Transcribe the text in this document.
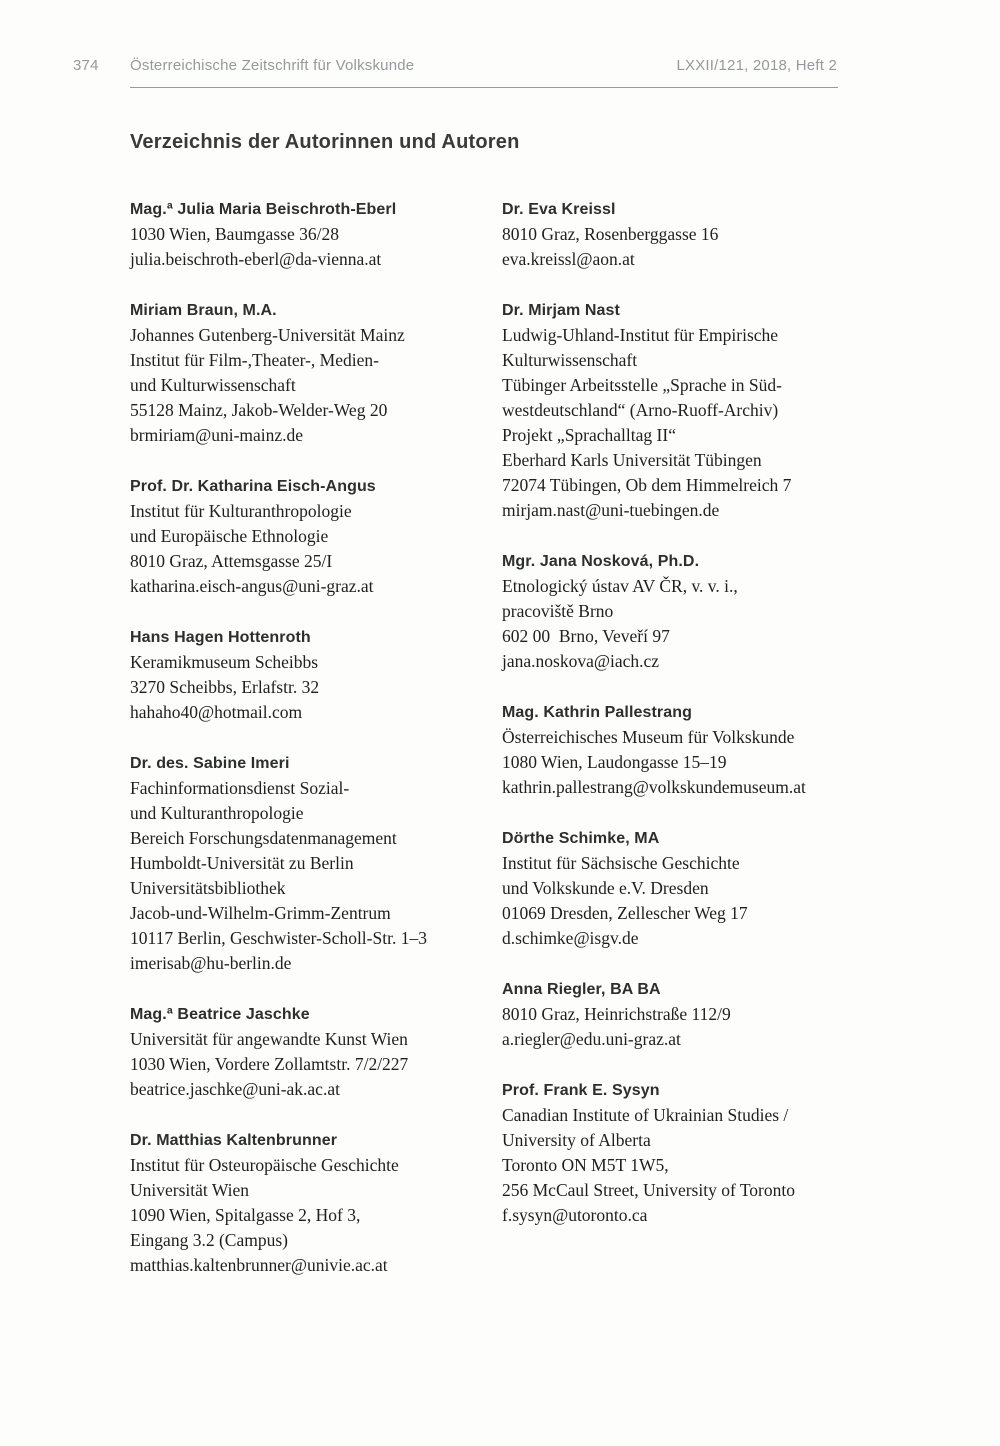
374	Österreichische Zeitschrift für Volkskunde	LXXII/121, 2018, Heft 2
Verzeichnis der Autorinnen und Autoren
Mag.ª Julia Maria Beischroth-Eberl
1030 Wien, Baumgasse 36/28
julia.beischroth-eberl@da-vienna.at
Miriam Braun, M.A.
Johannes Gutenberg-Universität Mainz
Institut für Film-,Theater-, Medien-
und Kulturwissenschaft
55128 Mainz, Jakob-Welder-Weg 20
brmiriam@uni-mainz.de
Prof. Dr. Katharina Eisch-Angus
Institut für Kulturanthropologie
und Europäische Ethnologie
8010 Graz, Attemsgasse 25/I
katharina.eisch-angus@uni-graz.at
Hans Hagen Hottenroth
Keramikmuseum Scheibbs
3270 Scheibbs, Erlafstr. 32
hahaho40@hotmail.com
Dr. des. Sabine Imeri
Fachinformationsdienst Sozial-
und Kulturanthropologie
Bereich Forschungsdatenmanagement
Humboldt-Universität zu Berlin
Universitätsbibliothek
Jacob-und-Wilhelm-Grimm-Zentrum
10117 Berlin, Geschwister-Scholl-Str. 1–3
imerisab@hu-berlin.de
Mag.ª Beatrice Jaschke
Universität für angewandte Kunst Wien
1030 Wien, Vordere Zollamtstr. 7/2/227
beatrice.jaschke@uni-ak.ac.at
Dr. Matthias Kaltenbrunner
Institut für Osteuropäische Geschichte
Universität Wien
1090 Wien, Spitalgasse 2, Hof 3,
Eingang 3.2 (Campus)
matthias.kaltenbrunner@univie.ac.at
Dr. Eva Kreissl
8010 Graz, Rosenberggasse 16
eva.kreissl@aon.at
Dr. Mirjam Nast
Ludwig-Uhland-Institut für Empirische
Kulturwissenschaft
Tübinger Arbeitsstelle „Sprache in Süd-
westdeutschland“ (Arno-Ruoff-Archiv)
Projekt „Sprachalltag II“
Eberhard Karls Universität Tübingen
72074 Tübingen, Ob dem Himmelreich 7
mirjam.nast@uni-tuebingen.de
Mgr. Jana Nosková, Ph.D.
Etnologický ústav AV ČR, v. v. i.,
pracoviště Brno
602 00  Brno, Veveří 97
jana.noskova@iach.cz
Mag. Kathrin Pallestrang
Österreichisches Museum für Volkskunde
1080 Wien, Laudongasse 15–19
kathrin.pallestrang@volkskundemuseum.at
Dörthe Schimke, MA
Institut für Sächsische Geschichte
und Volkskunde e.V. Dresden
01069 Dresden, Zellescher Weg 17
d.schimke@isgv.de
Anna Riegler, BA BA
8010 Graz, Heinrichstraße 112/9
a.riegler@edu.uni-graz.at
Prof. Frank E. Sysyn
Canadian Institute of Ukrainian Studies /
University of Alberta
Toronto ON M5T 1W5,
256 McCaul Street, University of Toronto
f.sysyn@utoronto.ca
